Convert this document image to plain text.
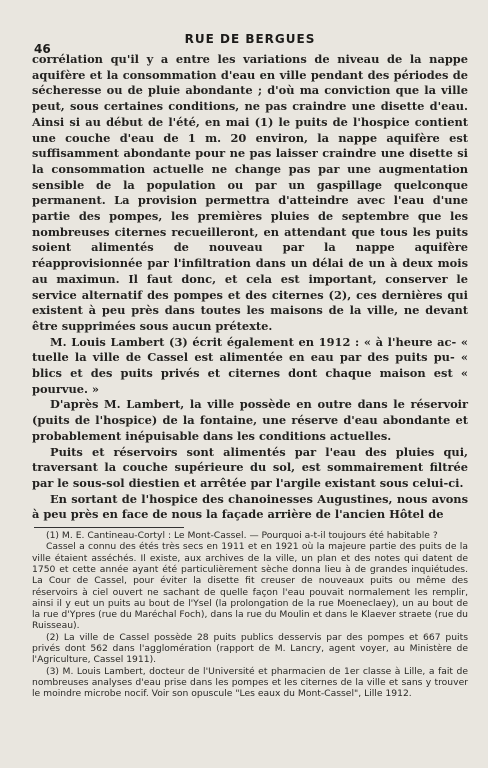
46
RUE DE BERGUES

corrélation qu'il y a entre les variations de niveau de la nappe aquifère et la consommation d'eau en ville pendant des périodes de sécheresse ou de pluie abondante ; d'où ma conviction que la ville peut, sous certaines conditions, ne pas craindre une disette d'eau. Ainsi si au début de l'été, en mai (1) le puits de l'hospice contient une couche d'eau de 1 m. 20 environ, la nappe aquifère est suffisamment abondante pour ne pas laisser craindre une disette si la consommation actuelle ne change pas par une augmentation sensible de la population ou par un gaspillage quelconque permanent. La provision permettra d'atteindre avec l'eau d'une partie des pompes, les premières pluies de septembre que les nombreuses citernes recueilleront, en attendant que tous les puits soient alimentés de nouveau par la nappe aquifère réapprovisionnée par l'infiltration dans un délai de un à deux mois au maximun. Il faut donc, et cela est important, conserver le service alternatif des pompes et des citernes (2), ces dernières qui existent à peu près dans toutes les maisons de la ville, ne devant être supprimées sous aucun prétexte.

M. Louis Lambert (3) écrit également en 1912 : « à l'heure ac- « tuelle la ville de Cassel est alimentée en eau par des puits pu- « blics et des puits privés et citernes dont chaque maison est « pourvue. »

D'après M. Lambert, la ville possède en outre dans le réservoir (puits de l'hospice) de la fontaine, une réserve d'eau abondante et probablement inépuisable dans les conditions actuelles.

Puits et réservoirs sont alimentés par l'eau des pluies qui, traversant la couche supérieure du sol, est sommairement filtrée par le sous-sol diestien et arrêtée par l'argile existant sous celui-ci.

En sortant de l'hospice des chanoinesses Augustines, nous avons à peu près en face de nous la façade arrière de l'ancien Hôtel de

(1) M. E. Cantineau-Cortyl : Le Mont-Cassel. — Pourquoi a-t-il toujours été habitable ?

Cassel a connu des étés très secs en 1911 et en 1921 où la majeure partie des puits de la ville étaient asséchés. Il existe, aux archives de la ville, un plan et des notes qui datent de 1750 et cette année ayant été particulièrement sèche donna lieu à de grandes inquiétudes. La Cour de Cassel, pour éviter la disette fit creuser de nouveaux puits ou même des réservoirs à ciel ouvert ne sachant de quelle façon l'eau pouvait normalement les remplir, ainsi il y eut un puits au bout de l'Ysel (la prolongation de la rue Moeneclaey), un au bout de la rue d'Ypres (rue du Maréchal Foch), dans la rue du Moulin et dans le Klaever straete (rue du Ruisseau).

(2) La ville de Cassel possède 28 puits publics desservis par des pompes et 667 puits privés dont 562 dans l'agglomération (rapport de M. Lancry, agent voyer, au Ministère de l'Agriculture, Cassel 1911).

(3) M. Louis Lambert, docteur de l'Université et pharmacien de 1er classe à Lille, a fait de nombreuses analyses d'eau prise dans les pompes et les citernes de la ville et sans y trouver le moindre microbe nocif. Voir son opuscule "Les eaux du Mont-Cassel", Lille 1912.
